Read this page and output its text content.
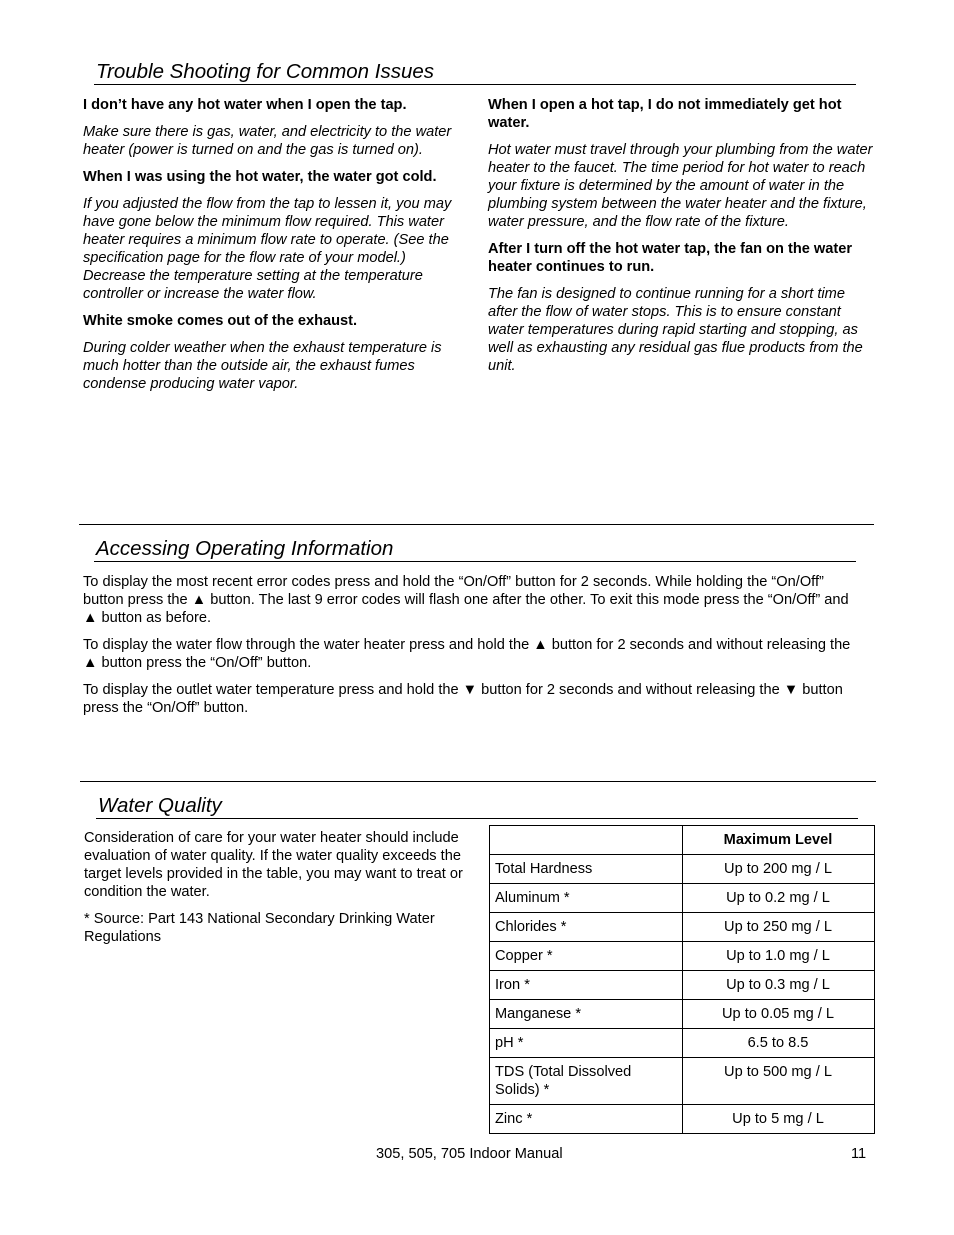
Trouble Shooting for Common Issues

I don’t have any hot water when I open the tap.

Make sure there is gas, water, and electricity to the water heater (power is turned on and the gas is turned on).

When I was using the hot water, the water got cold.

If you adjusted the flow from the tap to lessen it, you may have gone below the minimum flow required. This water heater requires a minimum flow rate to operate. (See the specification page for the flow rate of your model.) Decrease the temperature setting at the temperature controller or increase the water flow.

White smoke comes out of the exhaust.

During colder weather when the exhaust temperature is much hotter than the outside air, the exhaust fumes condense producing water vapor.

When I open a hot tap, I do not immediately get hot water.

Hot water must travel through your plumbing from the water heater to the faucet. The time period for hot water to reach your fixture is determined by the amount of water in the plumbing system between the water heater and the fixture, water pressure, and the flow rate of the fixture.

After I turn off the hot water tap, the fan on the water heater continues to run.

The fan is designed to continue running for a short time after the flow of water stops. This is to ensure constant water temperatures during rapid starting and stopping, as well as exhausting any residual gas flue products from the unit.

Accessing Operating Information

To display the most recent error codes press and hold the “On/Off” button for 2 seconds. While holding the “On/Off” button press the ▲ button. The last 9 error codes will flash one after the other. To exit this mode press the “On/Off” and ▲ button as before.

To display the water flow through the water heater press and hold the ▲ button for 2 seconds and without releasing the ▲ button press the “On/Off” button.

To display the outlet water temperature press and hold the ▼ button for 2 seconds and without releasing the ▼ button press the “On/Off” button.

Water Quality

Consideration of care for your water heater should include evaluation of water quality. If the water quality exceeds the target levels provided in the table, you may want to treat or condition the water.

* Source: Part 143 National Secondary Drinking Water Regulations

	Maximum Level
Total Hardness	Up to 200 mg / L
Aluminum *	Up to 0.2 mg / L
Chlorides *	Up to 250 mg / L
Copper *	Up to 1.0 mg / L
Iron *	Up to 0.3 mg / L
Manganese *	Up to 0.05 mg / L
pH *	6.5 to 8.5
TDS (Total Dissolved Solids) *	Up to 500 mg / L
Zinc *	Up to 5 mg / L
305, 505, 705 Indoor Manual	11
